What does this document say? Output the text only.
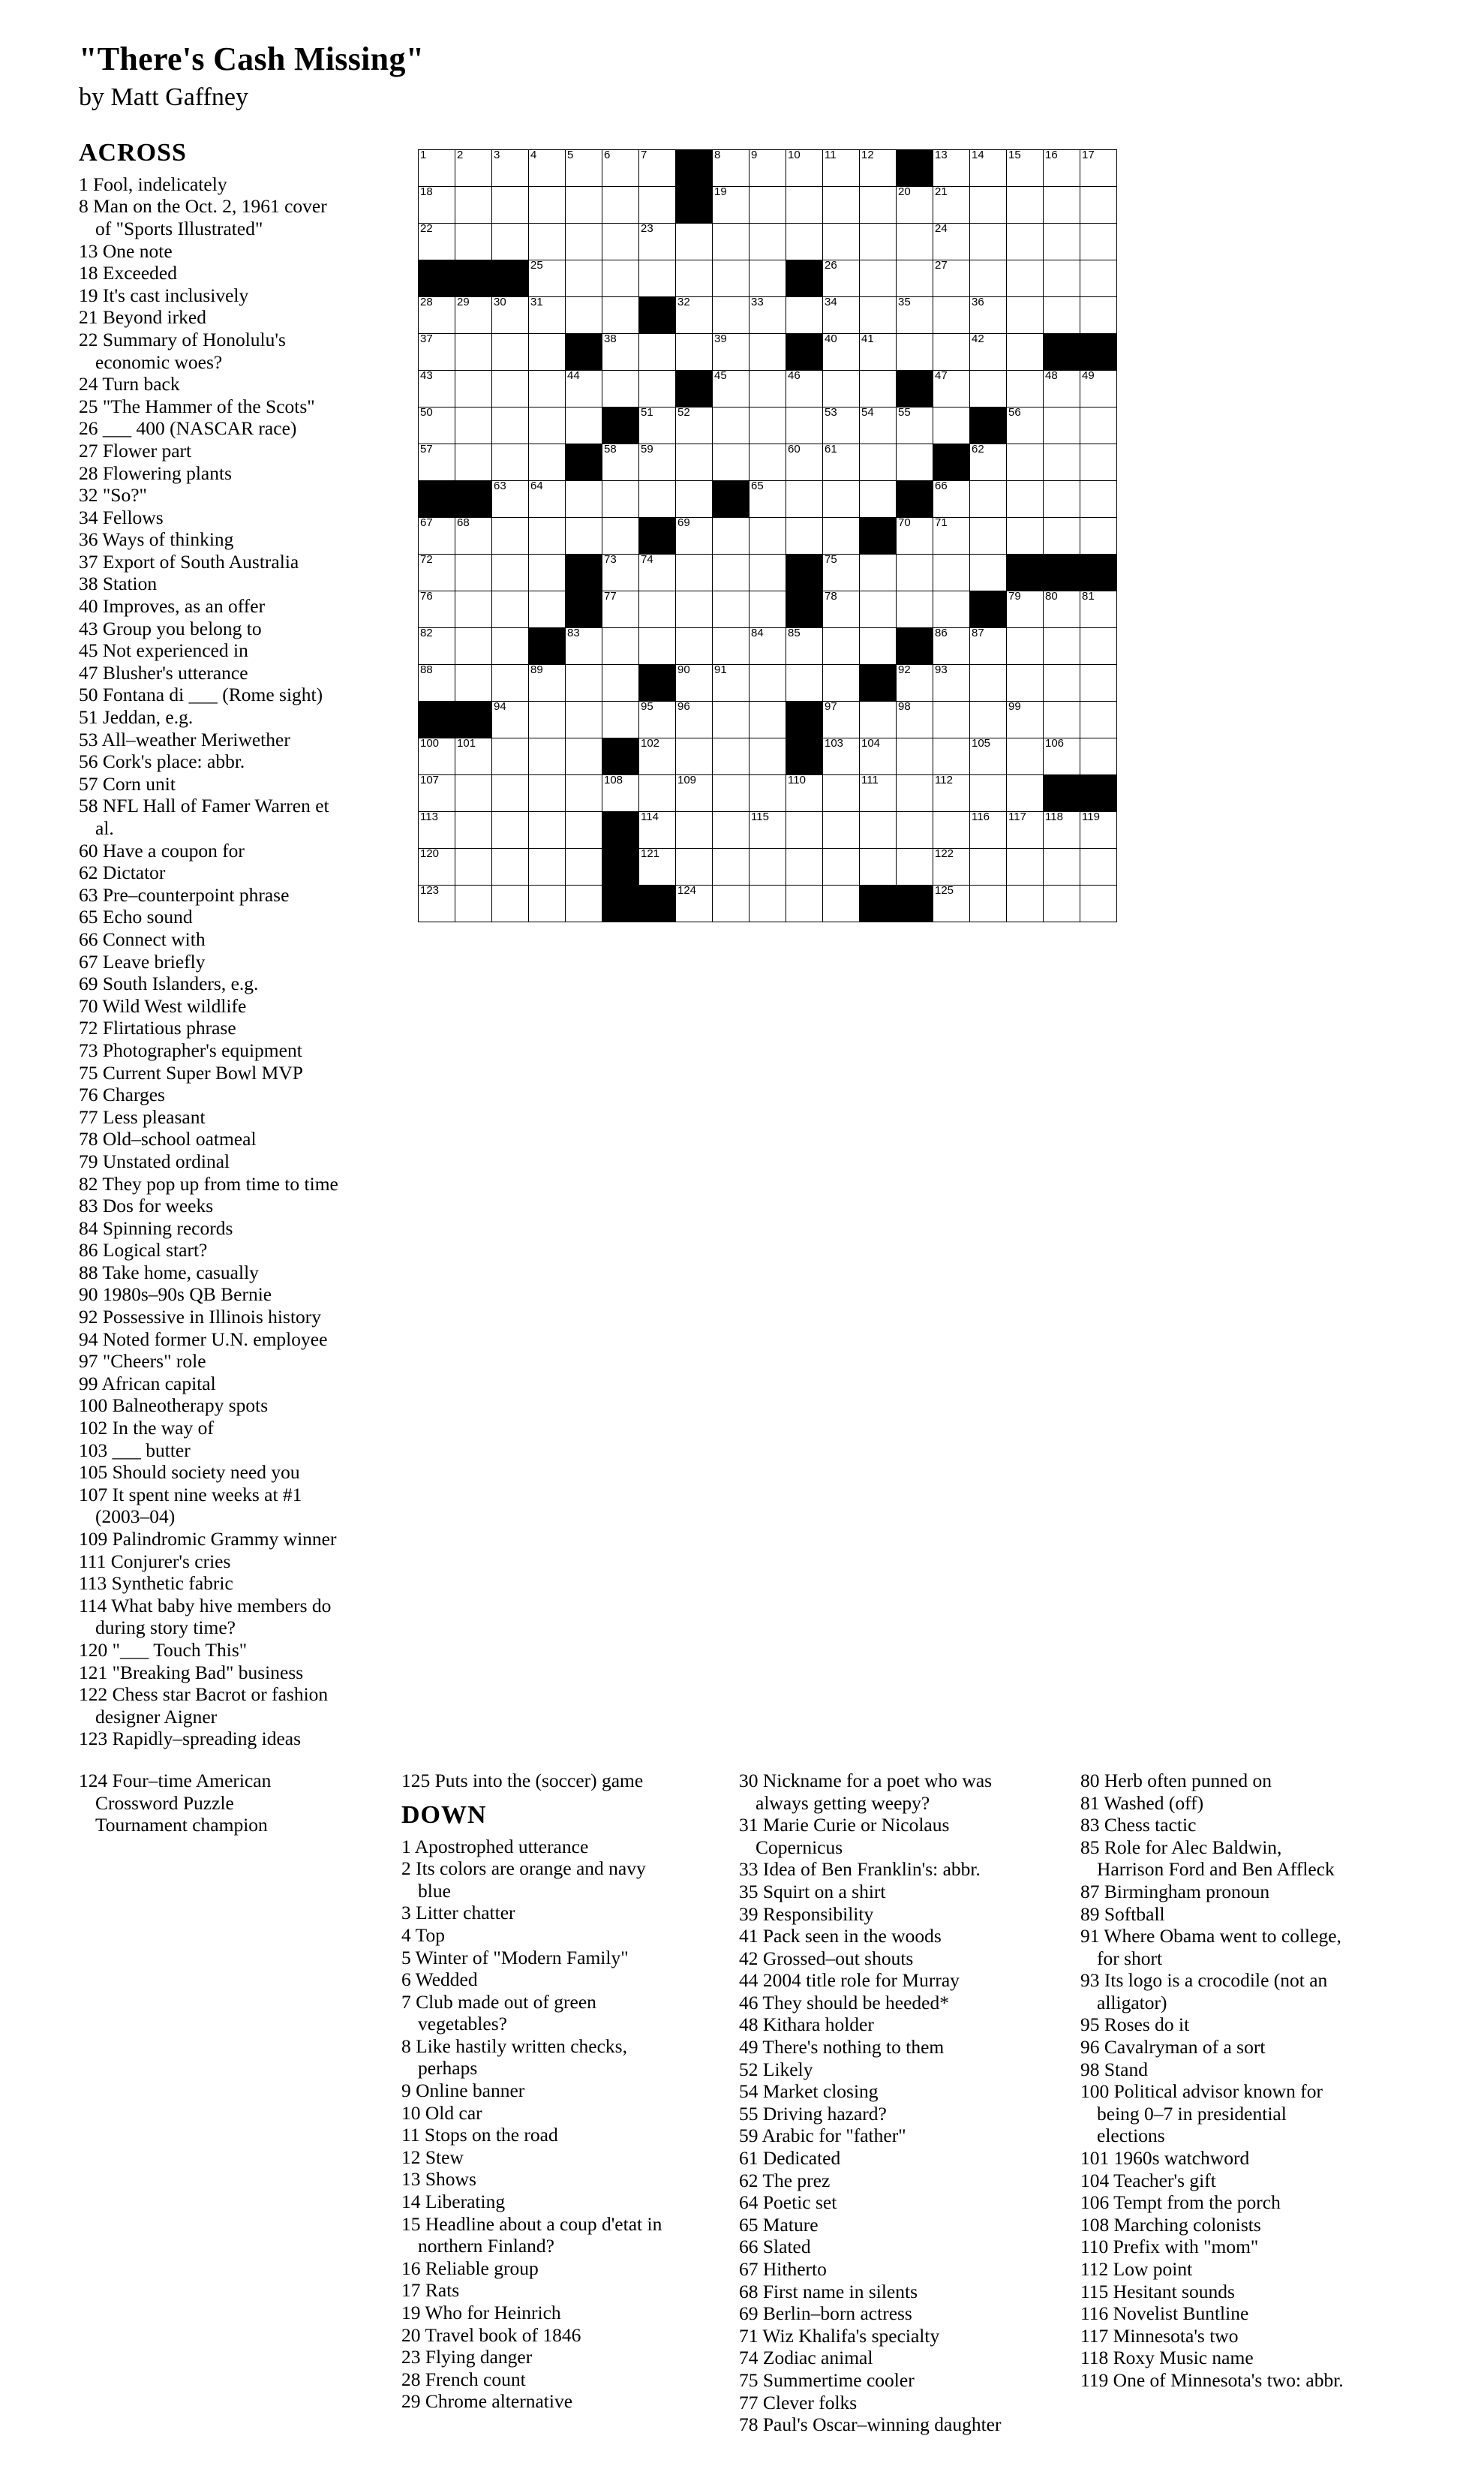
"There's Cash Missing"
by Matt Gaffney
ACROSS

1 Fool, indelicately

8 Man on the Oct. 2, 1961 cover
of "Sports Illustrated"

13 One note

18 Exceeded

19 It's cast inclusively

21 Beyond irked

22 Summary of Honolulu's
economic woes?

24 Turn back

25 "The Hammer of the Scots"

26 ___ 400 (NASCAR race)

27 Flower part

28 Flowering plants

32 "So?"

34 Fellows

36 Ways of thinking

37 Export of South Australia

38 Station

40 Improves, as an offer

43 Group you belong to

45 Not experienced in

47 Blusher's utterance

50 Fontana di ___ (Rome sight)

51 Jeddan, e.g.

53 All–weather Meriwether

56 Cork's place: abbr.

57 Corn unit

58 NFL Hall of Famer Warren et
al.

60 Have a coupon for

62 Dictator

63 Pre–counterpoint phrase

65 Echo sound

66 Connect with

67 Leave briefly

69 South Islanders, e.g.

70 Wild West wildlife

72 Flirtatious phrase

73 Photographer's equipment

75 Current Super Bowl MVP

76 Charges

77 Less pleasant

78 Old–school oatmeal

79 Unstated ordinal

82 They pop up from time to time

83 Dos for weeks

84 Spinning records

86 Logical start?

88 Take home, casually

90 1980s–90s QB Bernie

92 Possessive in Illinois history

94 Noted former U.N. employee

97 "Cheers" role

99 African capital

100 Balneotherapy spots

102 In the way of

103 ___ butter

105 Should society need you

107 It spent nine weeks at #1
(2003–04)

109 Palindromic Grammy winner

111 Conjurer's cries

113 Synthetic fabric

114 What baby hive members do
during story time?

120 "___ Touch This"

121 "Breaking Bad" business

122 Chess star Bacrot or fashion
designer Aigner

123 Rapidly–spreading ideas

1	2	3	4	5	6	7		8	9	10	11	12		13	14	15	16	17

18								19					20	21				

22						23								24				

			25								26			27				

28	29	30	31				32		33		34		35		36			

37					38			39			40	41			42			

43				44				45		46				47			48	49

50						51	52				53	54	55			56		

57					58	59				60	61				62			

		63	64						65					66				

67	68						69						70	71				

72					73	74					75							

76					77						78					79	80	81

82				83					84	85				86	87			

88			89				90	91					92	93				

		94				95	96				97		98			99		

100	101					102					103	104			105		106	

107					108		109			110		111		112				

113						114			115						116	117	118	119

120						121								122				

123							124							125				

124 Four–time American
Crossword Puzzle
Tournament champion

125 Puts into the (soccer) game

DOWN

1 Apostrophed utterance

2 Its colors are orange and navy
blue

3 Litter chatter

4 Top

5 Winter of "Modern Family"

6 Wedded

7 Club made out of green
vegetables?

8 Like hastily written checks,
perhaps

9 Online banner

10 Old car

11 Stops on the road

12 Stew

13 Shows

14 Liberating

15 Headline about a coup d'etat in
northern Finland?

16 Reliable group

17 Rats

19 Who for Heinrich

20 Travel book of 1846

23 Flying danger

28 French count

29 Chrome alternative

30 Nickname for a poet who was
always getting weepy?

31 Marie Curie or Nicolaus
Copernicus

33 Idea of Ben Franklin's: abbr.

35 Squirt on a shirt

39 Responsibility

41 Pack seen in the woods

42 Grossed–out shouts

44 2004 title role for Murray

46 They should be heeded*

48 Kithara holder

49 There's nothing to them

52 Likely

54 Market closing

55 Driving hazard?

59 Arabic for "father"

61 Dedicated

62 The prez

64 Poetic set

65 Mature

66 Slated

67 Hitherto

68 First name in silents

69 Berlin–born actress

71 Wiz Khalifa's specialty

74 Zodiac animal

75 Summertime cooler

77 Clever folks

78 Paul's Oscar–winning daughter

80 Herb often punned on

81 Washed (off)

83 Chess tactic

85 Role for Alec Baldwin,
Harrison Ford and Ben Affleck

87 Birmingham pronoun

89 Softball

91 Where Obama went to college,
for short

93 Its logo is a crocodile (not an
alligator)

95 Roses do it

96 Cavalryman of a sort

98 Stand

100 Political advisor known for
being 0–7 in presidential
elections

101 1960s watchword

104 Teacher's gift

106 Tempt from the porch

108 Marching colonists

110 Prefix with "mom"

112 Low point

115 Hesitant sounds

116 Novelist Buntline

117 Minnesota's two

118 Roxy Music name

119 One of Minnesota's two: abbr.
